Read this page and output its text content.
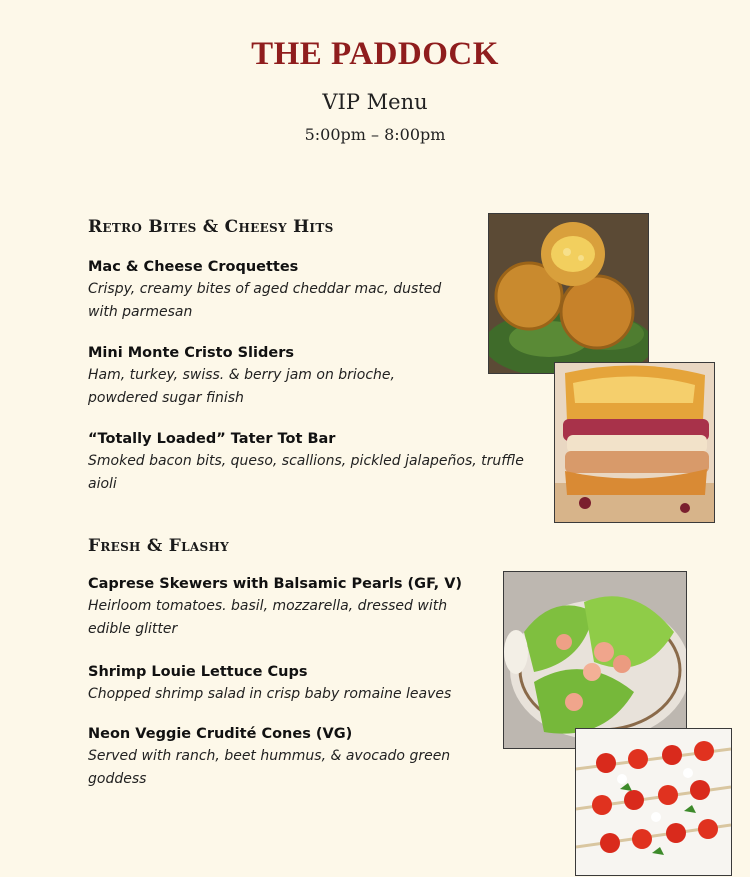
THE PADDOCK
VIP Menu
5:00pm – 8:00pm
Retro Bites & Cheesy Hits
Mac & Cheese Croquettes
Crispy, creamy bites of aged cheddar mac, dusted with parmesan
Mini Monte Cristo Sliders
Ham, turkey, swiss. & berry jam on brioche, powdered sugar finish
“Totally Loaded” Tater Tot Bar
Smoked bacon bits, queso, scallions, pickled jalapeños, truffle aioli
Fresh & Flashy
Caprese Skewers with Balsamic Pearls (GF, V)
Heirloom tomatoes. basil, mozzarella, dressed with edible glitter
Shrimp Louie Lettuce Cups
Chopped shrimp salad in crisp baby romaine leaves
Neon Veggie Crudité Cones (VG)
Served with ranch, beet hummus, & avocado green goddess
